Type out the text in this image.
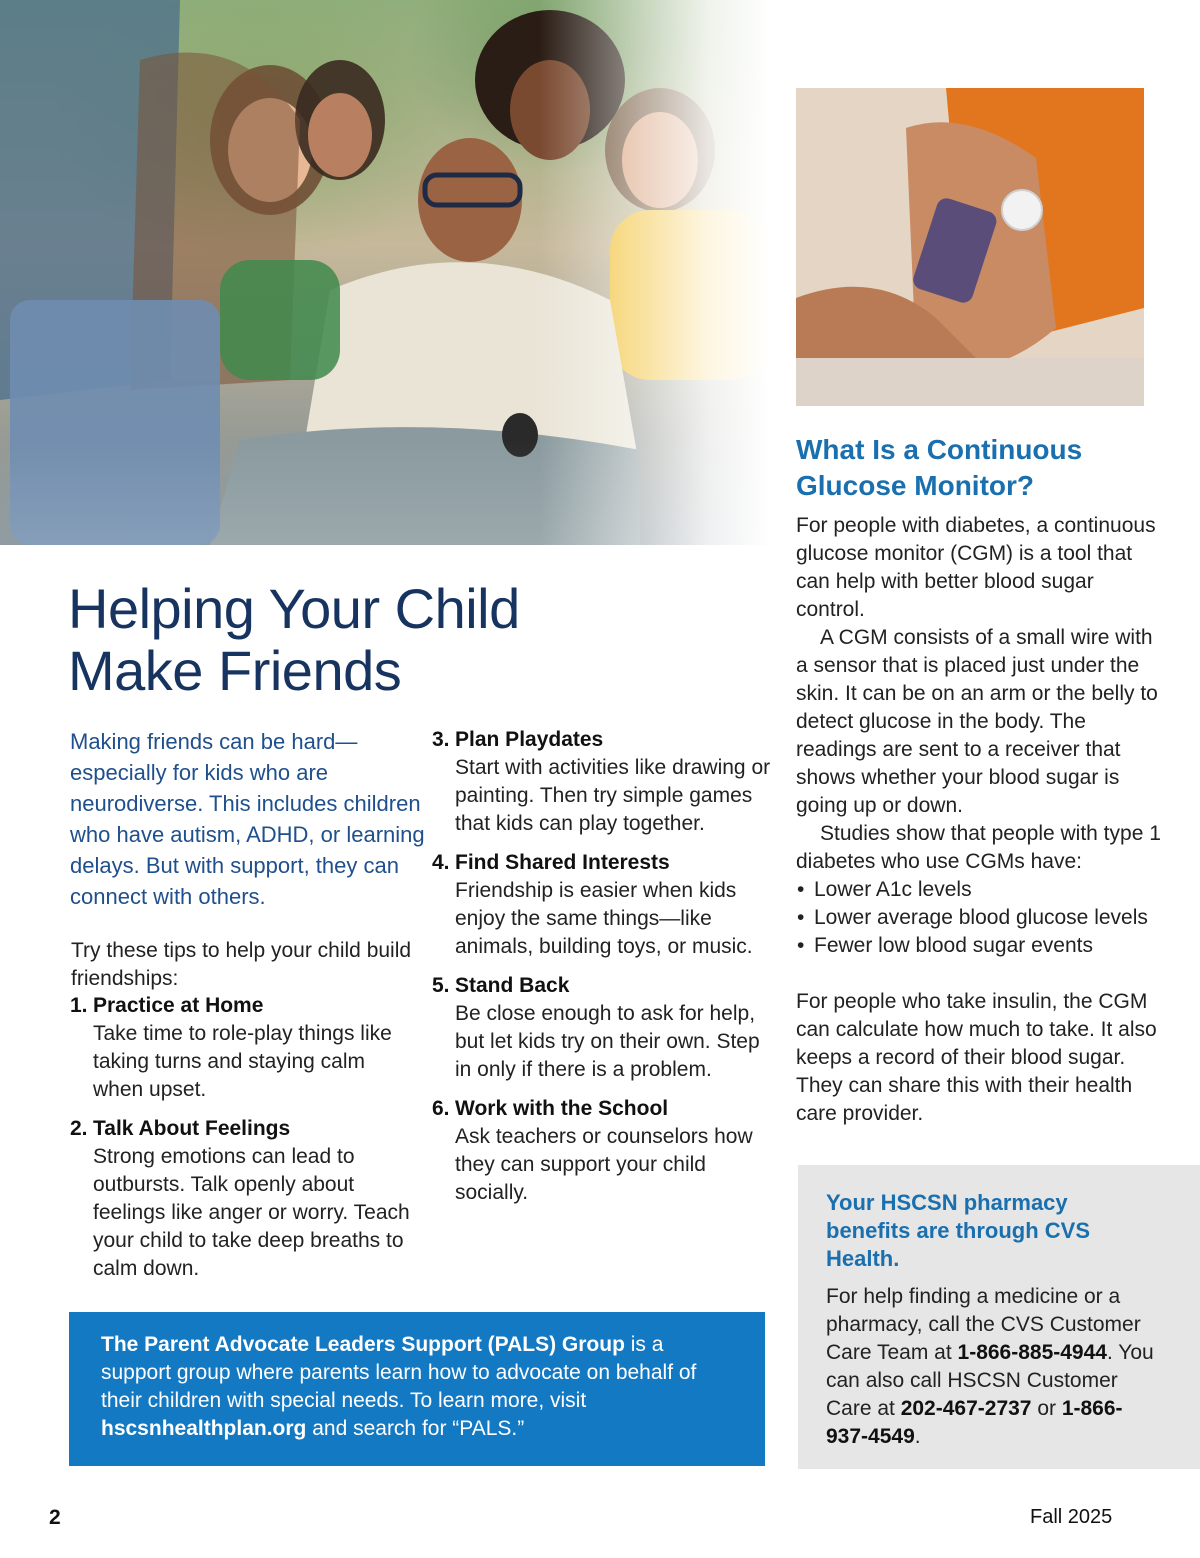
Helping Your Child
Make Friends

Making friends can be hard—especially for kids who are neurodiverse. This includes children who have autism, ADHD, or learning delays. But with support, they can connect with others.

Try these tips to help your child build friendships:

1. Practice at Home
Take time to role-play things like taking turns and staying calm when upset.
2. Talk About Feelings
Strong emotions can lead to outbursts. Talk openly about feelings like anger or worry. Teach your child to take deep breaths to calm down.
3. Plan Playdates
Start with activities like drawing or painting. Then try simple games that kids can play together.
4. Find Shared Interests
Friendship is easier when kids enjoy the same things—like animals, building toys, or music.
5. Stand Back
Be close enough to ask for help, but let kids try on their own. Step in only if there is a problem.
6. Work with the School
Ask teachers or counselors how they can support your child socially.
The Parent Advocate Leaders Support (PALS) Group is a support group where parents learn how to advocate on behalf of their children with special needs. To learn more, visit hscsnhealthplan.org and search for “PALS.”
What Is a Continuous Glucose Monitor?

For people with diabetes, a continuous glucose monitor (CGM) is a tool that can help with better blood sugar control.

A CGM consists of a small wire with a sensor that is placed just under the skin. It can be on an arm or the belly to detect glucose in the body. The readings are sent to a receiver that shows whether your blood sugar is going up or down.

Studies show that people with type 1 diabetes who use CGMs have:

• Lower A1c levels
• Lower average blood glucose levels
• Fewer low blood sugar events

For people who take insulin, the CGM can calculate how much to take. It also keeps a record of their blood sugar. They can share this with their health care provider.

Your HSCSN pharmacy benefits are through CVS Health.
For help finding a medicine or a pharmacy, call the CVS Customer Care Team at 1-866-885-4944. You can also call HSCSN Customer Care at 202-467-2737 or 1-866-937-4549.
2	Fall 2025
